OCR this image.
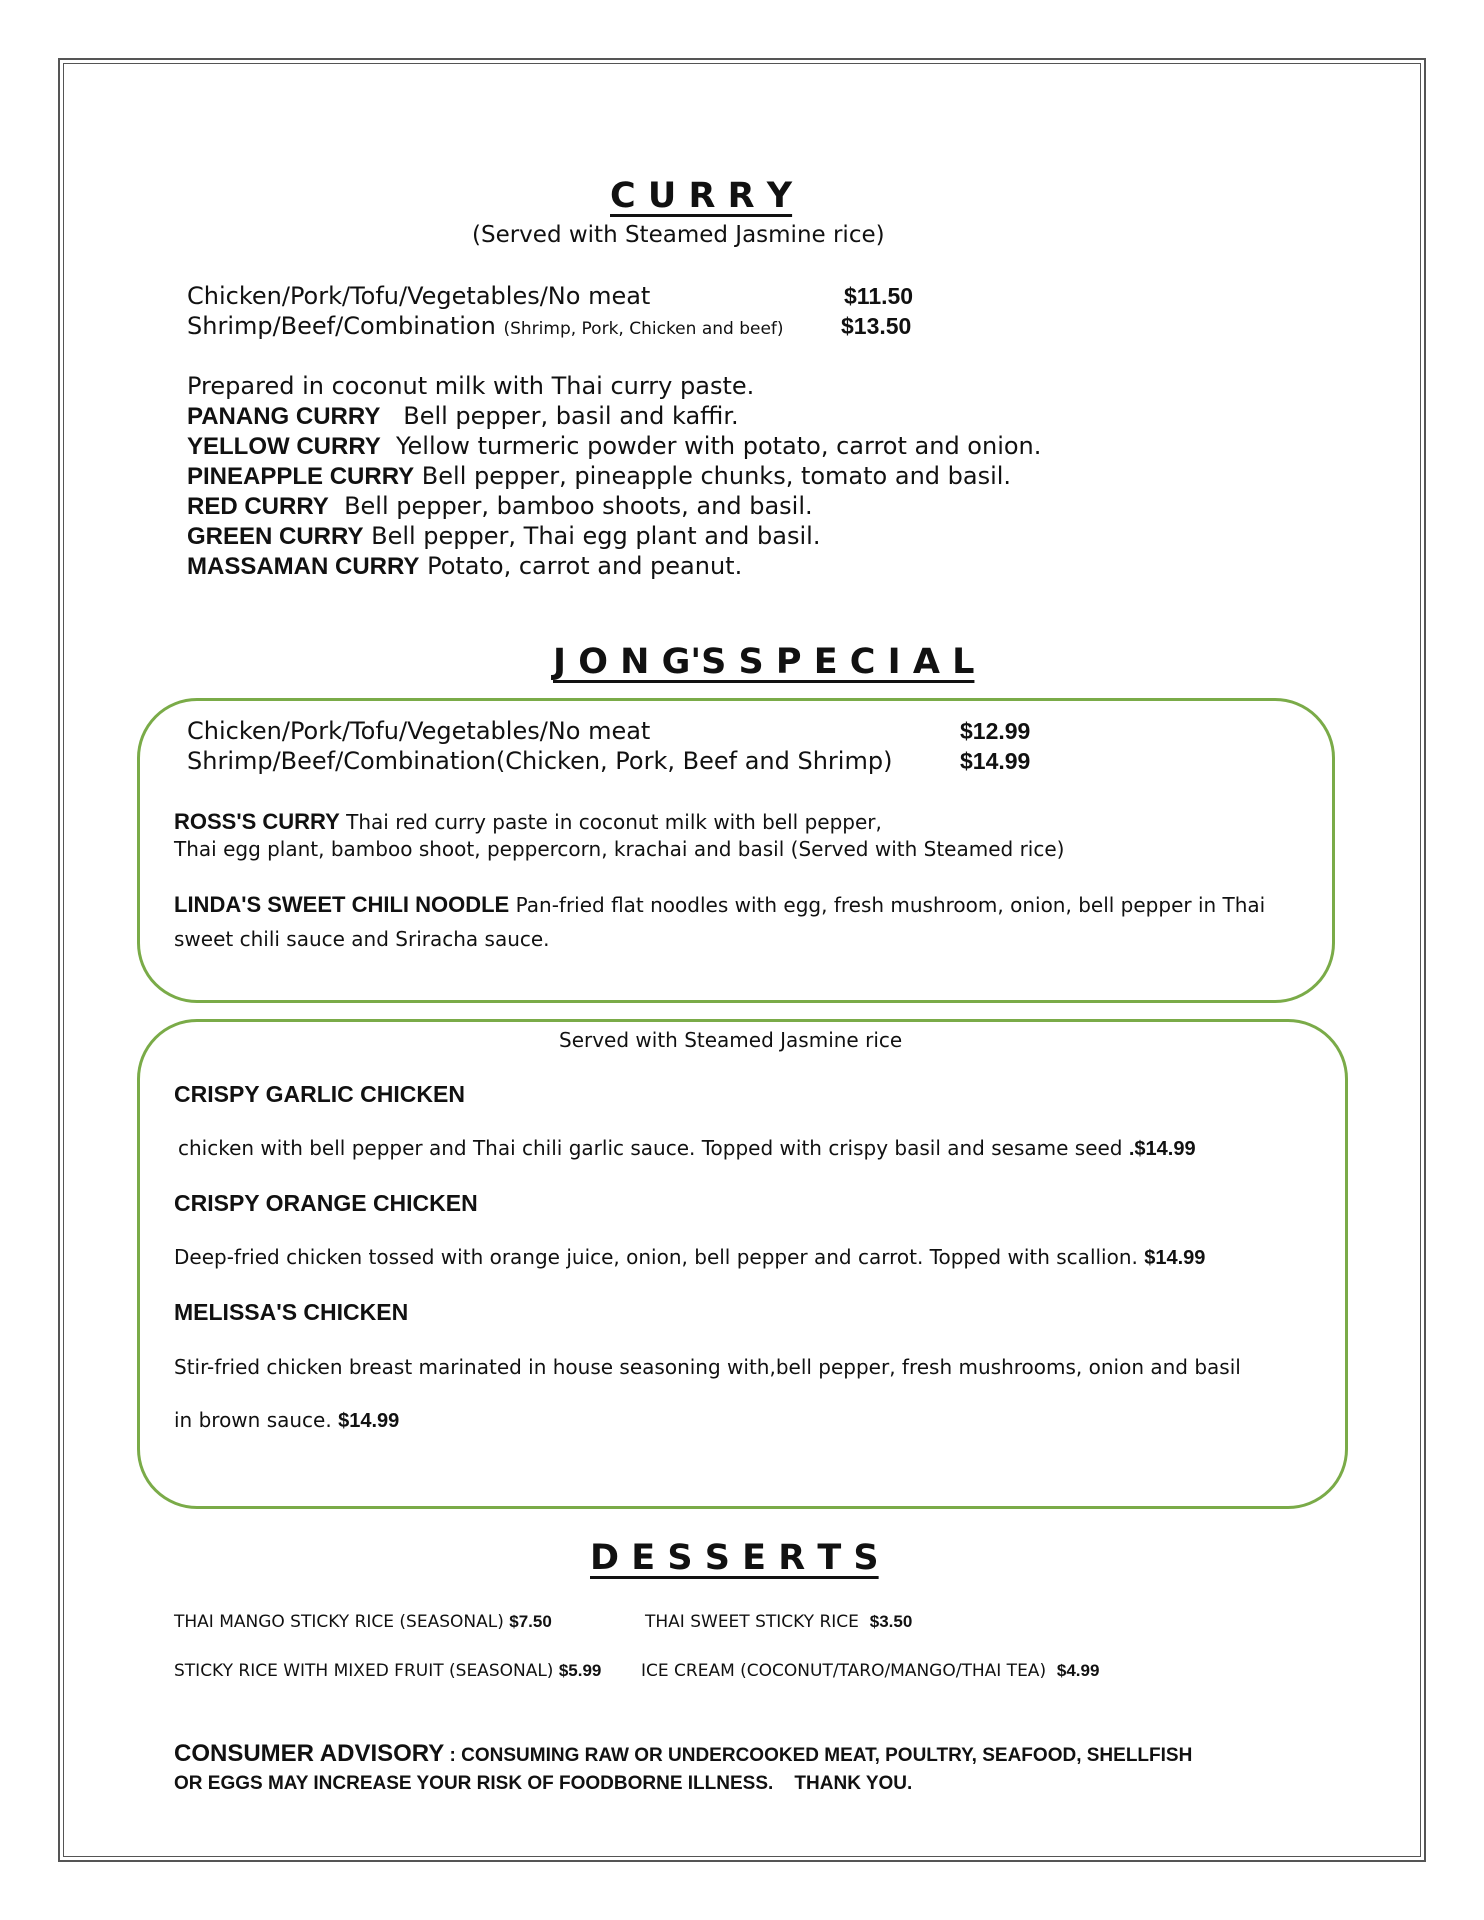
C U R R Y
(Served with Steamed Jasmine rice)
Chicken/Pork/Tofu/Vegetables/No meat	$11.50
Shrimp/Beef/Combination (Shrimp, Pork, Chicken and beef) $13.50
Prepared in coconut milk with Thai curry paste.
PANANG CURRY Bell pepper, basil and kaffir.
YELLOW CURRY Yellow turmeric powder with potato, carrot and onion.
PINEAPPLE CURRY Bell pepper, pineapple chunks, tomato and basil.
RED CURRY Bell pepper, bamboo shoots, and basil.
GREEN CURRY Bell pepper, Thai egg plant and basil.
MASSAMAN CURRY Potato, carrot and peanut.
J O N G'S S P E C I A L
Chicken/Pork/Tofu/Vegetables/No meat	$12.99
Shrimp/Beef/Combination(Chicken, Pork, Beef and Shrimp)	$14.99
ROSS'S CURRY Thai red curry paste in coconut milk with bell pepper,
Thai egg plant, bamboo shoot, peppercorn, krachai and basil (Served with Steamed rice)
LINDA'S SWEET CHILI NOODLE Pan-fried flat noodles with egg, fresh mushroom, onion, bell pepper in Thai
sweet chili sauce and Sriracha sauce.
Served with Steamed Jasmine rice
CRISPY GARLIC CHICKEN
chicken with bell pepper and Thai chili garlic sauce. Topped with crispy basil and sesame seed .$14.99
CRISPY ORANGE CHICKEN
Deep-fried chicken tossed with orange juice, onion, bell pepper and carrot. Topped with scallion. $14.99
MELISSA'S CHICKEN
Stir-fried chicken breast marinated in house seasoning with,bell pepper, fresh mushrooms, onion and basil
in brown sauce. $14.99
D E S S E R T S
THAI MANGO STICKY RICE (SEASONAL) $7.50	THAI SWEET STICKY RICE $3.50
STICKY RICE WITH MIXED FRUIT (SEASONAL) $5.99 ICE CREAM (COCONUT/TARO/MANGO/THAI TEA) $4.99
CONSUMER ADVISORY : CONSUMING RAW OR UNDERCOOKED MEAT, POULTRY, SEAFOOD, SHELLFISH
OR EGGS MAY INCREASE YOUR RISK OF FOODBORNE ILLNESS. THANK YOU.
